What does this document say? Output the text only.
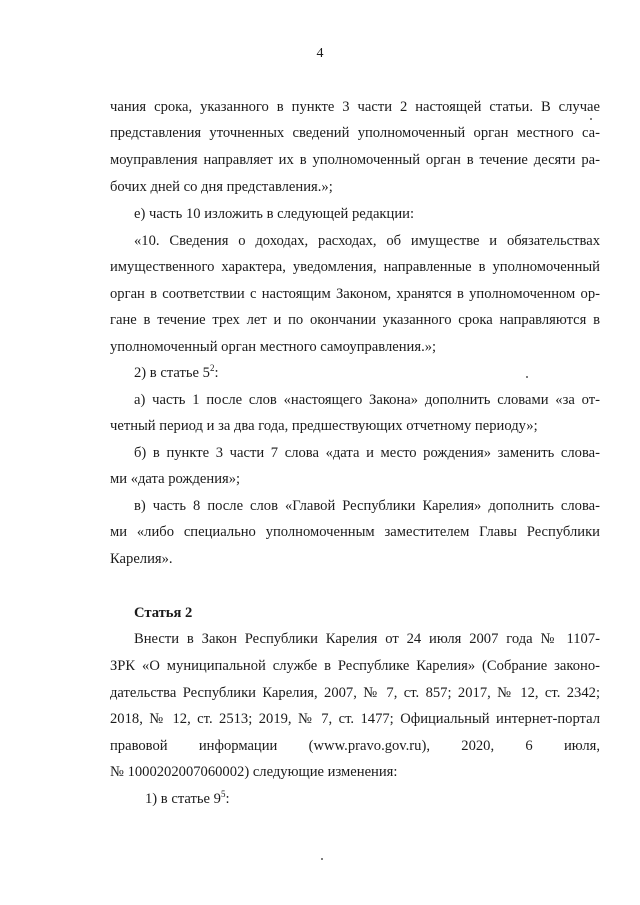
4
чания срока, указанного в пункте 3 части 2 настоящей статьи. В случае
представления уточненных сведений уполномоченный орган местного са-
моуправления направляет их в уполномоченный орган в течение десяти ра-
бочих дней со дня представления.»;
е) часть 10 изложить в следующей редакции:
«10. Сведения о доходах, расходах, об имуществе и обязательствах
имущественного характера, уведомления, направленные в уполномоченный
орган в соответствии с настоящим Законом, хранятся в уполномоченном ор-
гане в течение трех лет и по окончании указанного срока направляются в
уполномоченный орган местного самоуправления.»;
2) в статье $5^2$:
а) часть 1 после слов «настоящего Закона» дополнить словами «за от-
четный период и за два года, предшествующих отчетному периоду»;
б) в пункте 3 части 7 слова «дата и место рождения» заменить слова-
ми «дата рождения»;
в) часть 8 после слов «Главой Республики Карелия» дополнить слова-
ми «либо специально уполномоченным заместителем Главы Республики
Карелия».
Статья 2
Внести в Закон Республики Карелия от 24 июля 2007 года № 1107-
ЗРК «О муниципальной службе в Республике Карелия» (Собрание законо-
дательства Республики Карелия, 2007, № 7, ст. 857; 2017, № 12, ст. 2342;
2018, № 12, ст. 2513; 2019, № 7, ст. 1477; Официальный интернет-портал
правовой информации (www.pravo.gov.ru), 2020, 6 июля,
№ 1000202007060002) следующие изменения:
1) в статье $9^5$:
